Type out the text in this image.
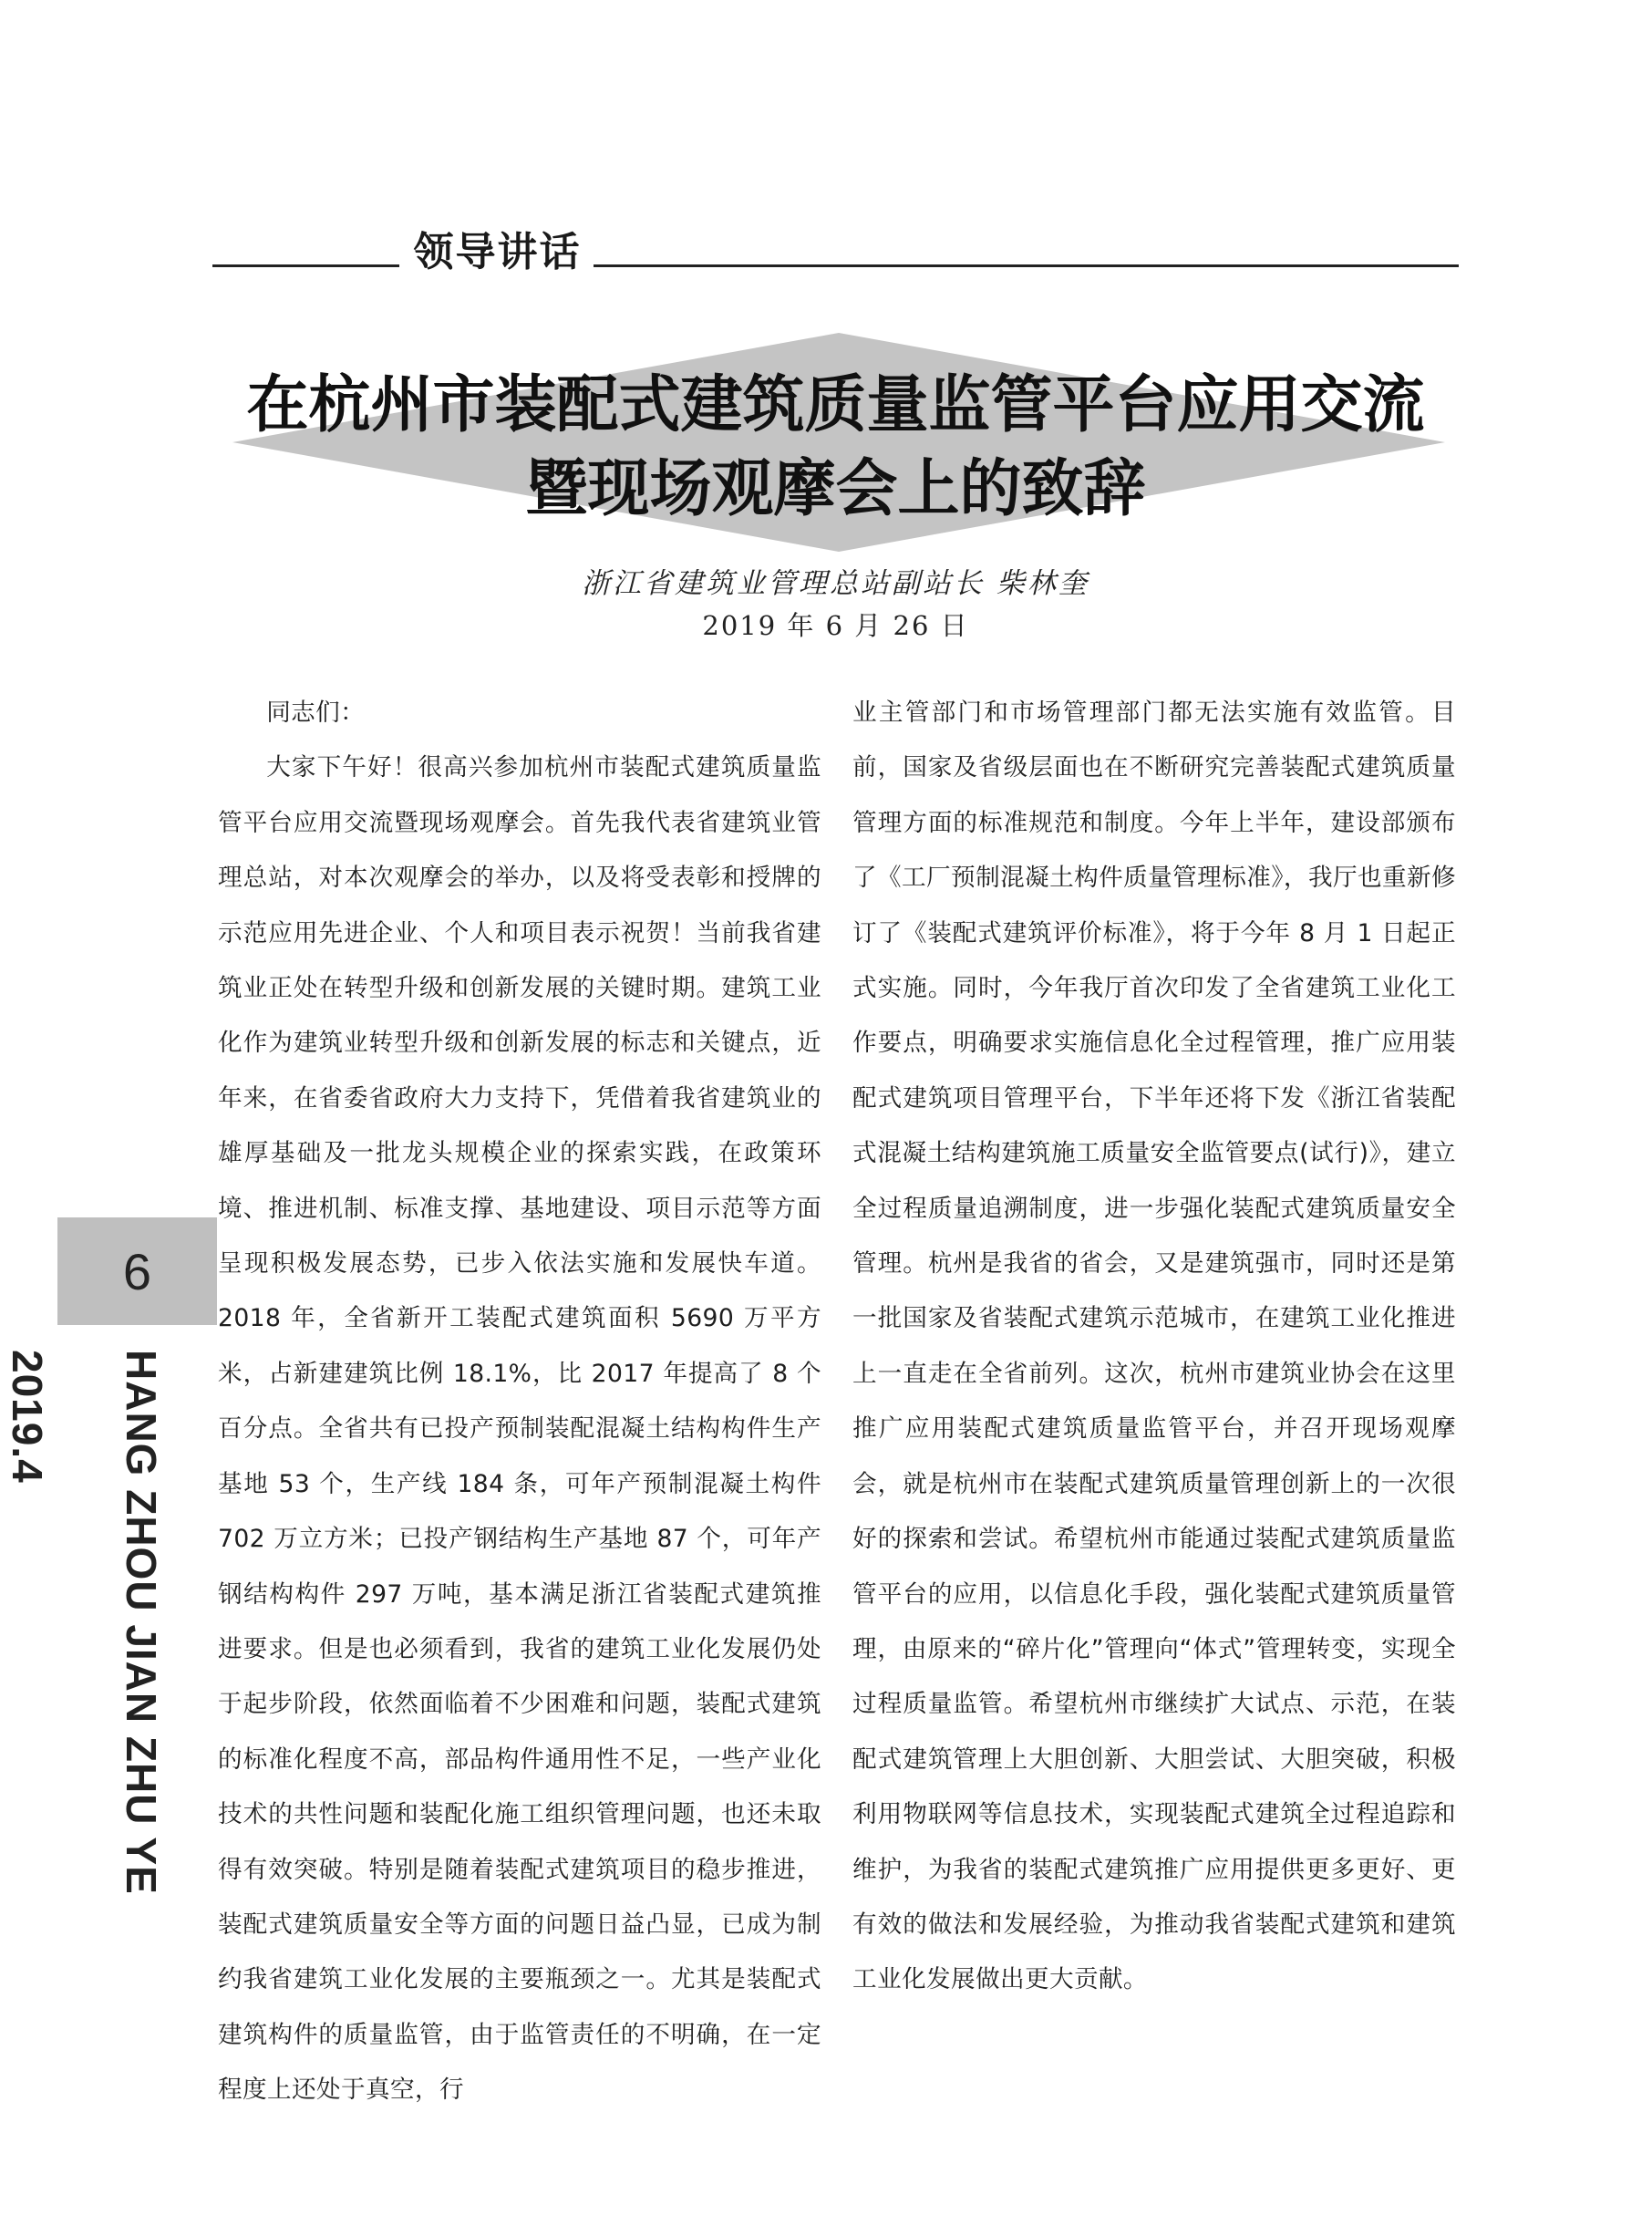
领导讲话
在杭州市装配式建筑质量监管平台应用交流
暨现场观摩会上的致辞
浙江省建筑业管理总站副站长 柴林奎
2019 年 6 月 26 日

同志们：

大家下午好！很高兴参加杭州市装配式建筑质量监管平台应用交流暨现场观摩会。首先我代表省建筑业管理总站，对本次观摩会的举办，以及将受表彰和授牌的示范应用先进企业、个人和项目表示祝贺！当前我省建筑业正处在转型升级和创新发展的关键时期。建筑工业化作为建筑业转型升级和创新发展的标志和关键点，近年来，在省委省政府大力支持下，凭借着我省建筑业的雄厚基础及一批龙头规模企业的探索实践，在政策环境、推进机制、标准支撑、基地建设、项目示范等方面呈现积极发展态势，已步入依法实施和发展快车道。2018 年，全省新开工装配式建筑面积 5690 万平方米，占新建建筑比例 18.1%，比 2017 年提高了 8 个百分点。全省共有已投产预制装配混凝土结构构件生产基地 53 个，生产线 184 条，可年产预制混凝土构件 702 万立方米；已投产钢结构生产基地 87 个，可年产钢结构构件 297 万吨，基本满足浙江省装配式建筑推进要求。但是也必须看到，我省的建筑工业化发展仍处于起步阶段，依然面临着不少困难和问题，装配式建筑的标准化程度不高，部品构件通用性不足，一些产业化技术的共性问题和装配化施工组织管理问题，也还未取得有效突破。特别是随着装配式建筑项目的稳步推进，装配式建筑质量安全等方面的问题日益凸显，已成为制约我省建筑工业化发展的主要瓶颈之一。尤其是装配式建筑构件的质量监管，由于监管责任的不明确，在一定程度上还处于真空，行

业主管部门和市场管理部门都无法实施有效监管。目前，国家及省级层面也在不断研究完善装配式建筑质量管理方面的标准规范和制度。今年上半年，建设部颁布了《工厂预制混凝土构件质量管理标准》，我厅也重新修订了《装配式建筑评价标准》，将于今年 8 月 1 日起正式实施。同时，今年我厅首次印发了全省建筑工业化工作要点，明确要求实施信息化全过程管理，推广应用装配式建筑项目管理平台，下半年还将下发《浙江省装配式混凝土结构建筑施工质量安全监管要点(试行)》，建立全过程质量追溯制度，进一步强化装配式建筑质量安全管理。杭州是我省的省会，又是建筑强市，同时还是第一批国家及省装配式建筑示范城市，在建筑工业化推进上一直走在全省前列。这次，杭州市建筑业协会在这里推广应用装配式建筑质量监管平台，并召开现场观摩会，就是杭州市在装配式建筑质量管理创新上的一次很好的探索和尝试。希望杭州市能通过装配式建筑质量监管平台的应用，以信息化手段，强化装配式建筑质量管理，由原来的“碎片化”管理向“体式”管理转变，实现全过程质量监管。希望杭州市继续扩大试点、示范，在装配式建筑管理上大胆创新、大胆尝试、大胆突破，积极利用物联网等信息技术，实现装配式建筑全过程追踪和维护，为我省的装配式建筑推广应用提供更多更好、更有效的做法和发展经验，为推动我省装配式建筑和建筑工业化发展做出更大贡献。

6
HANG ZHOU JIAN ZHU YE 2019.4
